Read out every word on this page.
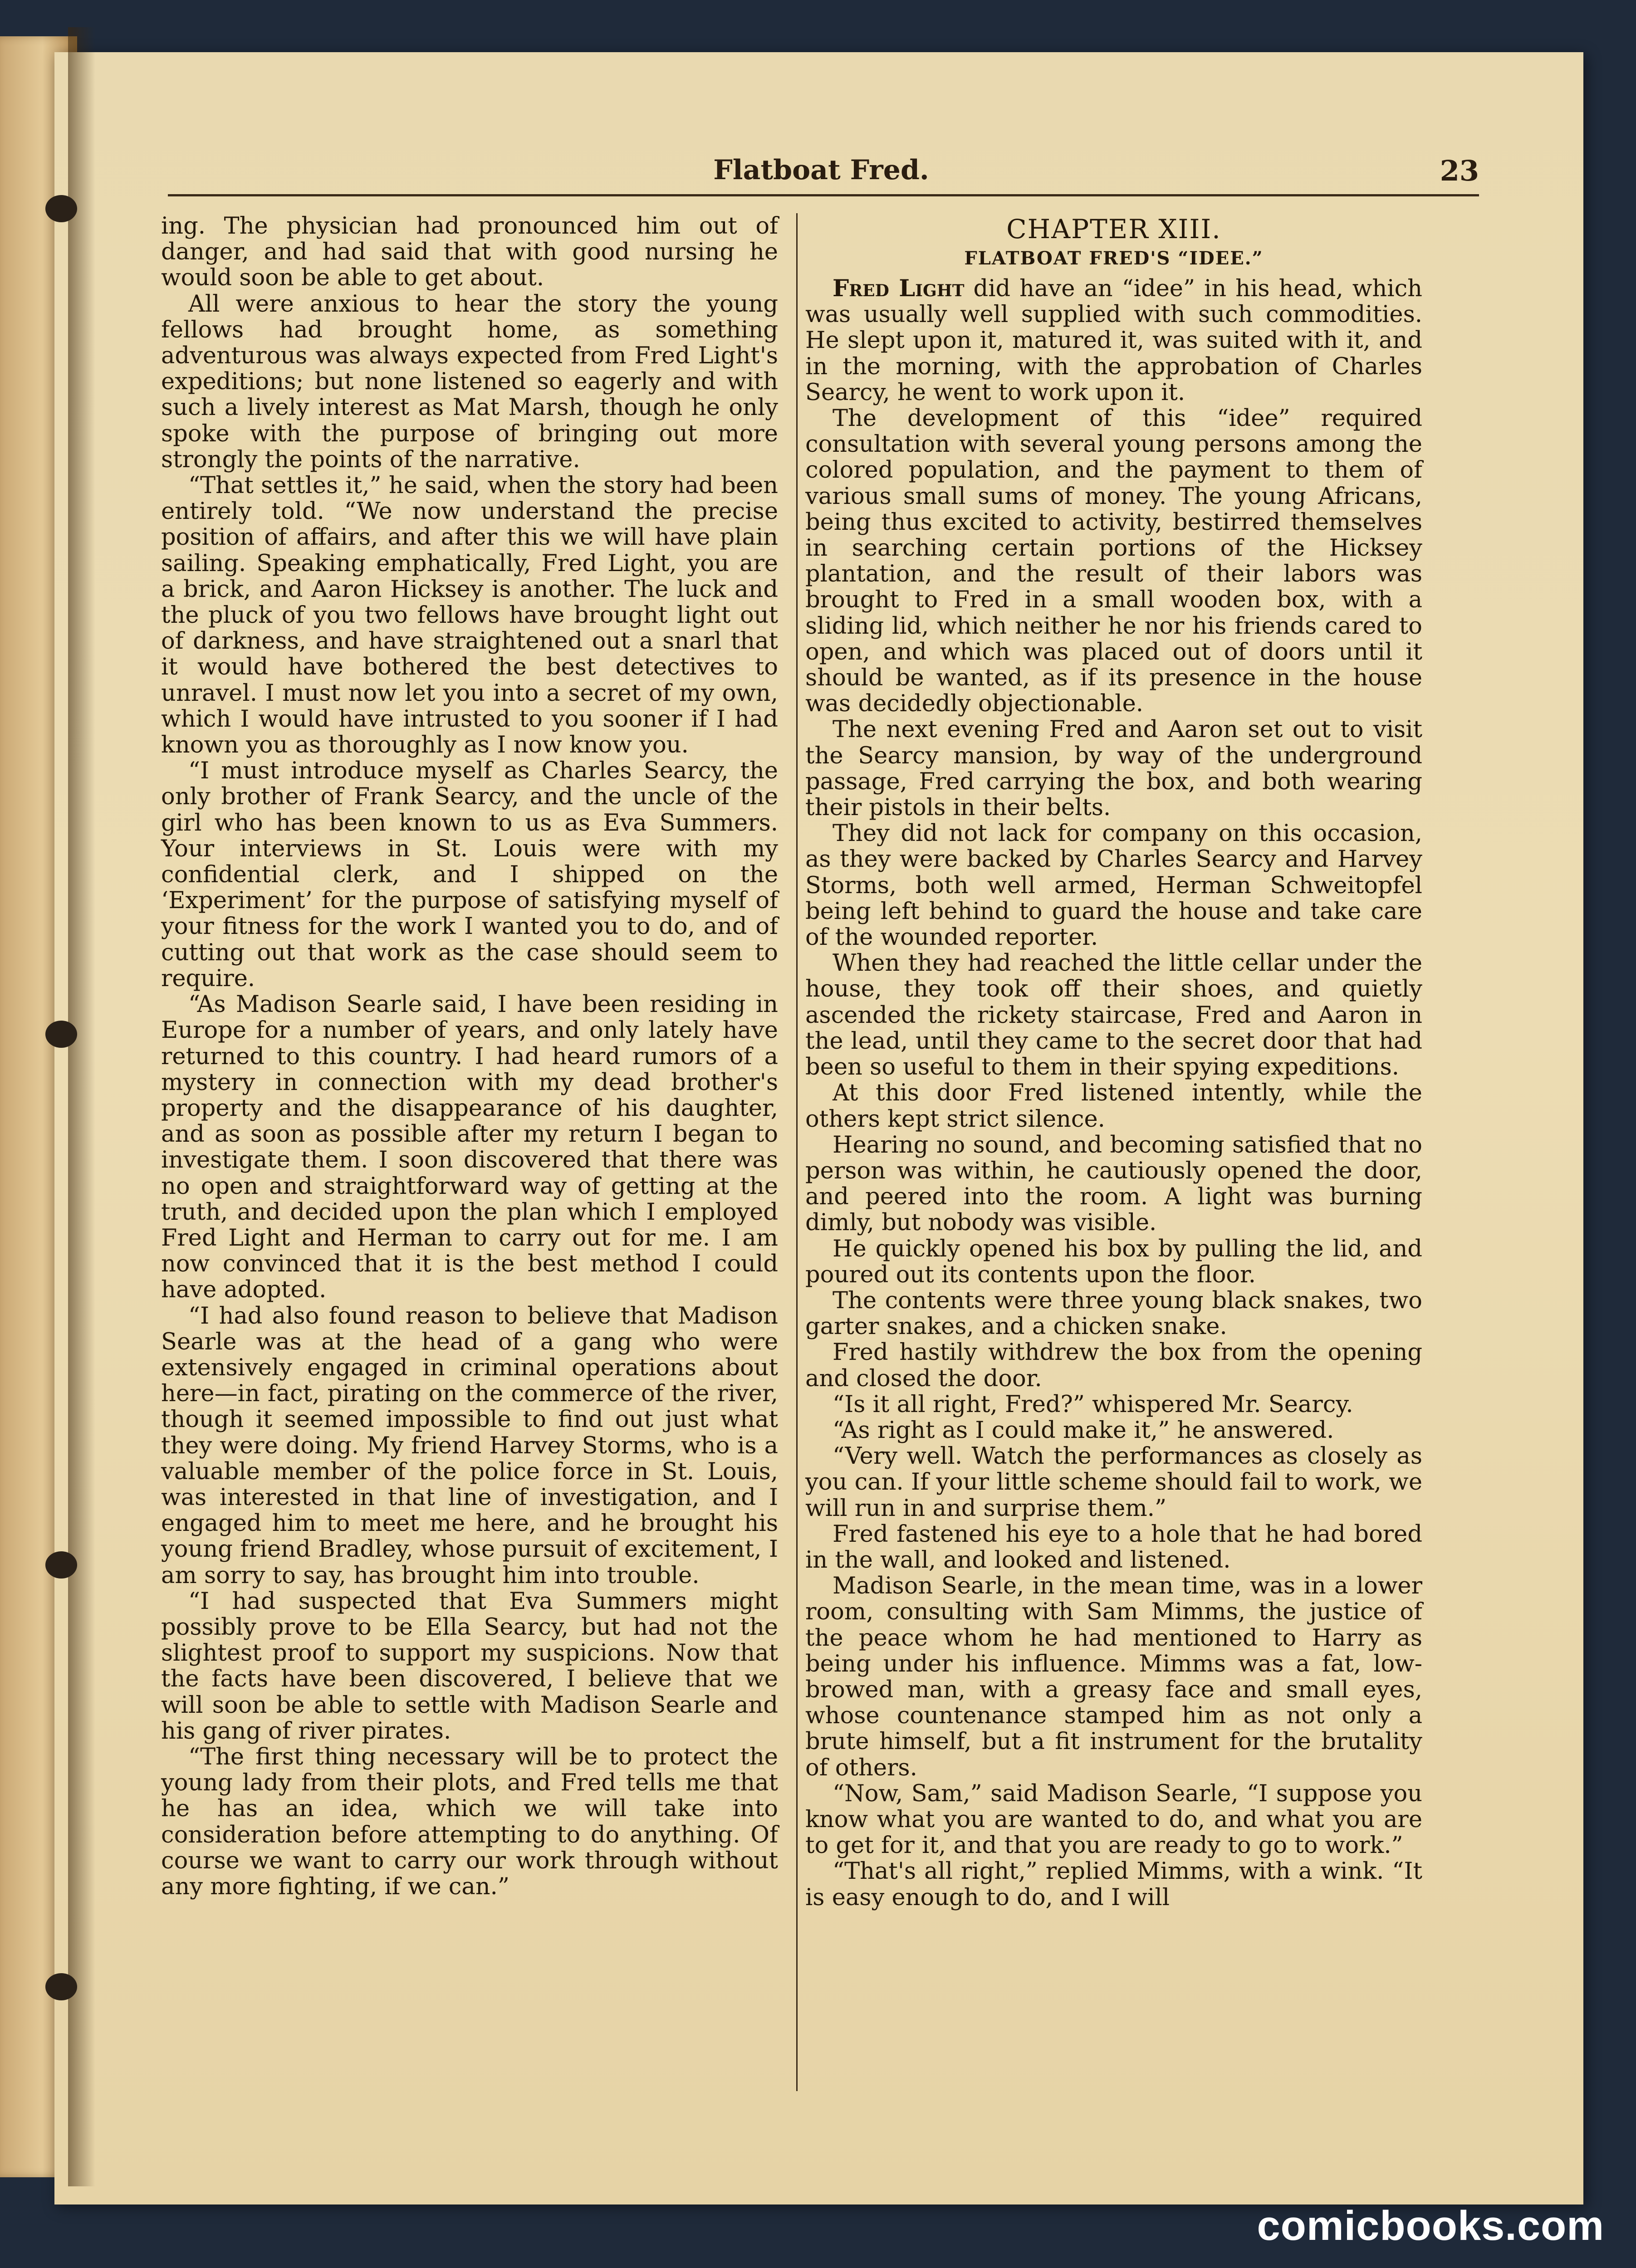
Flatboat Fred.	23

ing. The physician had pronounced him out of danger, and had said that with good nursing he would soon be able to get about.

All were anxious to hear the story the young fellows had brought home, as something adventurous was always expected from Fred Light's expeditions; but none listened so eagerly and with such a lively interest as Mat Marsh, though he only spoke with the purpose of bringing out more strongly the points of the narrative.

“That settles it,” he said, when the story had been entirely told. “We now understand the precise position of affairs, and after this we will have plain sailing. Speaking emphatically, Fred Light, you are a brick, and Aaron Hicksey is another. The luck and the pluck of you two fellows have brought light out of darkness, and have straightened out a snarl that it would have bothered the best detectives to unravel. I must now let you into a secret of my own, which I would have intrusted to you sooner if I had known you as thoroughly as I now know you.

“I must introduce myself as Charles Searcy, the only brother of Frank Searcy, and the uncle of the girl who has been known to us as Eva Summers. Your interviews in St. Louis were with my confidential clerk, and I shipped on the ‘Experiment’ for the purpose of satisfying myself of your fitness for the work I wanted you to do, and of cutting out that work as the case should seem to require.

“As Madison Searle said, I have been residing in Europe for a number of years, and only lately have returned to this country. I had heard rumors of a mystery in connection with my dead brother's property and the disappearance of his daughter, and as soon as possible after my return I began to investigate them. I soon discovered that there was no open and straightforward way of getting at the truth, and decided upon the plan which I employed Fred Light and Herman to carry out for me. I am now convinced that it is the best method I could have adopted.

“I had also found reason to believe that Madison Searle was at the head of a gang who were extensively engaged in criminal operations about here—in fact, pirating on the commerce of the river, though it seemed impossible to find out just what they were doing. My friend Harvey Storms, who is a valuable member of the police force in St. Louis, was interested in that line of investigation, and I engaged him to meet me here, and he brought his young friend Bradley, whose pursuit of excitement, I am sorry to say, has brought him into trouble.

“I had suspected that Eva Summers might possibly prove to be Ella Searcy, but had not the slightest proof to support my suspicions. Now that the facts have been discovered, I believe that we will soon be able to settle with Madison Searle and his gang of river pirates.

“The first thing necessary will be to protect the young lady from their plots, and Fred tells me that he has an idea, which we will take into consideration before attempting to do anything. Of course we want to carry our work through without any more fighting, if we can.”

CHAPTER XIII.
FLATBOAT FRED'S “IDEE.”

Fred Light did have an “idee” in his head, which was usually well supplied with such commodities. He slept upon it, matured it, was suited with it, and in the morning, with the approbation of Charles Searcy, he went to work upon it.

The development of this “idee” required consultation with several young persons among the colored population, and the payment to them of various small sums of money. The young Africans, being thus excited to activity, bestirred themselves in searching certain portions of the Hicksey plantation, and the result of their labors was brought to Fred in a small wooden box, with a sliding lid, which neither he nor his friends cared to open, and which was placed out of doors until it should be wanted, as if its presence in the house was decidedly objectionable.

The next evening Fred and Aaron set out to visit the Searcy mansion, by way of the underground passage, Fred carrying the box, and both wearing their pistols in their belts.

They did not lack for company on this occasion, as they were backed by Charles Searcy and Harvey Storms, both well armed, Herman Schweitopfel being left behind to guard the house and take care of the wounded reporter.

When they had reached the little cellar under the house, they took off their shoes, and quietly ascended the rickety staircase, Fred and Aaron in the lead, until they came to the secret door that had been so useful to them in their spying expeditions.

At this door Fred listened intently, while the others kept strict silence.

Hearing no sound, and becoming satisfied that no person was within, he cautiously opened the door, and peered into the room. A light was burning dimly, but nobody was visible.

He quickly opened his box by pulling the lid, and poured out its contents upon the floor.

The contents were three young black snakes, two garter snakes, and a chicken snake.

Fred hastily withdrew the box from the opening and closed the door.

“Is it all right, Fred?” whispered Mr. Searcy.

“As right as I could make it,” he answered.

“Very well. Watch the performances as closely as you can. If your little scheme should fail to work, we will run in and surprise them.”

Fred fastened his eye to a hole that he had bored in the wall, and looked and listened.

Madison Searle, in the mean time, was in a lower room, consulting with Sam Mimms, the justice of the peace whom he had mentioned to Harry as being under his influence. Mimms was a fat, low-browed man, with a greasy face and small eyes, whose countenance stamped him as not only a brute himself, but a fit instrument for the brutality of others.

“Now, Sam,” said Madison Searle, “I suppose you know what you are wanted to do, and what you are to get for it, and that you are ready to go to work.”

“That's all right,” replied Mimms, with a wink. “It is easy enough to do, and I will

comicbooks.com
